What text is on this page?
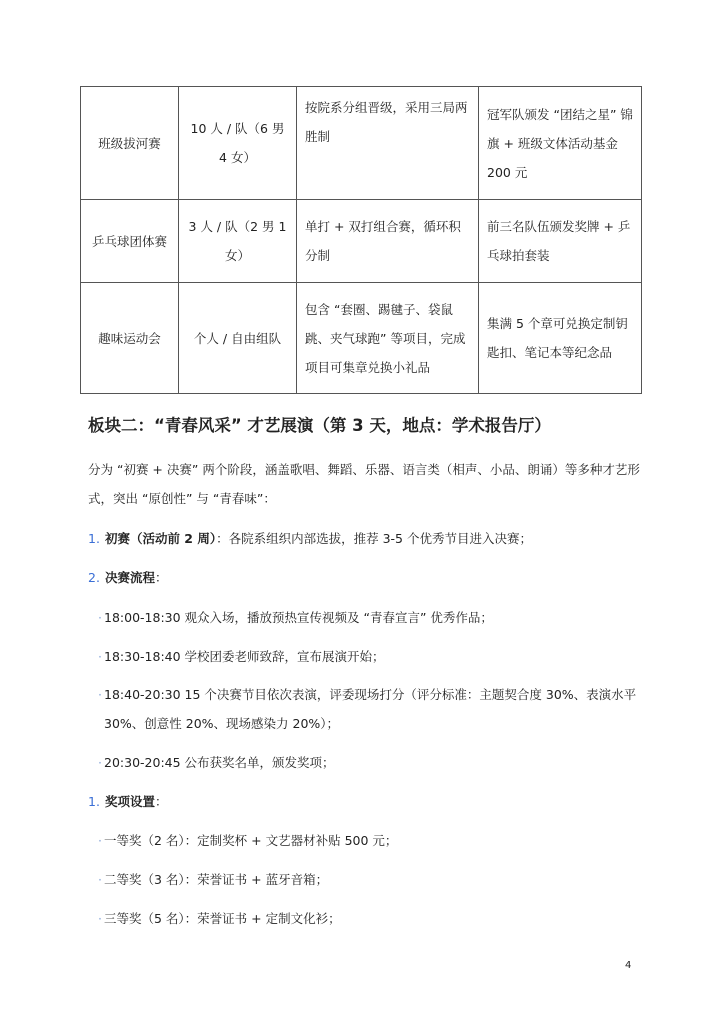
班级拔河赛	10 人 / 队（6 男 4 女）	按院系分组晋级，采用三局两胜制	冠军队颁发 “团结之星” 锦旗 + 班级文体活动基金 200 元
乒乓球团体赛	3 人 / 队（2 男 1 女）	单打 + 双打组合赛，循环积分制	前三名队伍颁发奖牌 + 乒乓球拍套装
趣味运动会	个人 / 自由组队	包含 “套圈、踢毽子、袋鼠跳、夹气球跑” 等项目，完成项目可集章兑换小礼品	集满 5 个章可兑换定制钥匙扣、笔记本等纪念品
板块二：“青春风采” 才艺展演（第 3 天，地点：学术报告厅）
分为 “初赛 + 决赛” 两个阶段，涵盖歌唱、舞蹈、乐器、语言类（相声、小品、朗诵）等多种才艺形式，突出 “原创性” 与 “青春味”：
1. 初赛（活动前 2 周）：各院系组织内部选拔，推荐 3-5 个优秀节目进入决赛；
2. 决赛流程：
· 18:00-18:30 观众入场，播放预热宣传视频及 “青春宣言” 优秀作品；
· 18:30-18:40 学校团委老师致辞，宣布展演开始；
· 18:40-20:30 15 个决赛节目依次表演，评委现场打分（评分标准：主题契合度 30%、表演水平 30%、创意性 20%、现场感染力 20%）；
· 20:30-20:45 公布获奖名单，颁发奖项；
1. 奖项设置：
· 一等奖（2 名）：定制奖杯 + 文艺器材补贴 500 元；
· 二等奖（3 名）：荣誉证书 + 蓝牙音箱；
· 三等奖（5 名）：荣誉证书 + 定制文化衫；
4
